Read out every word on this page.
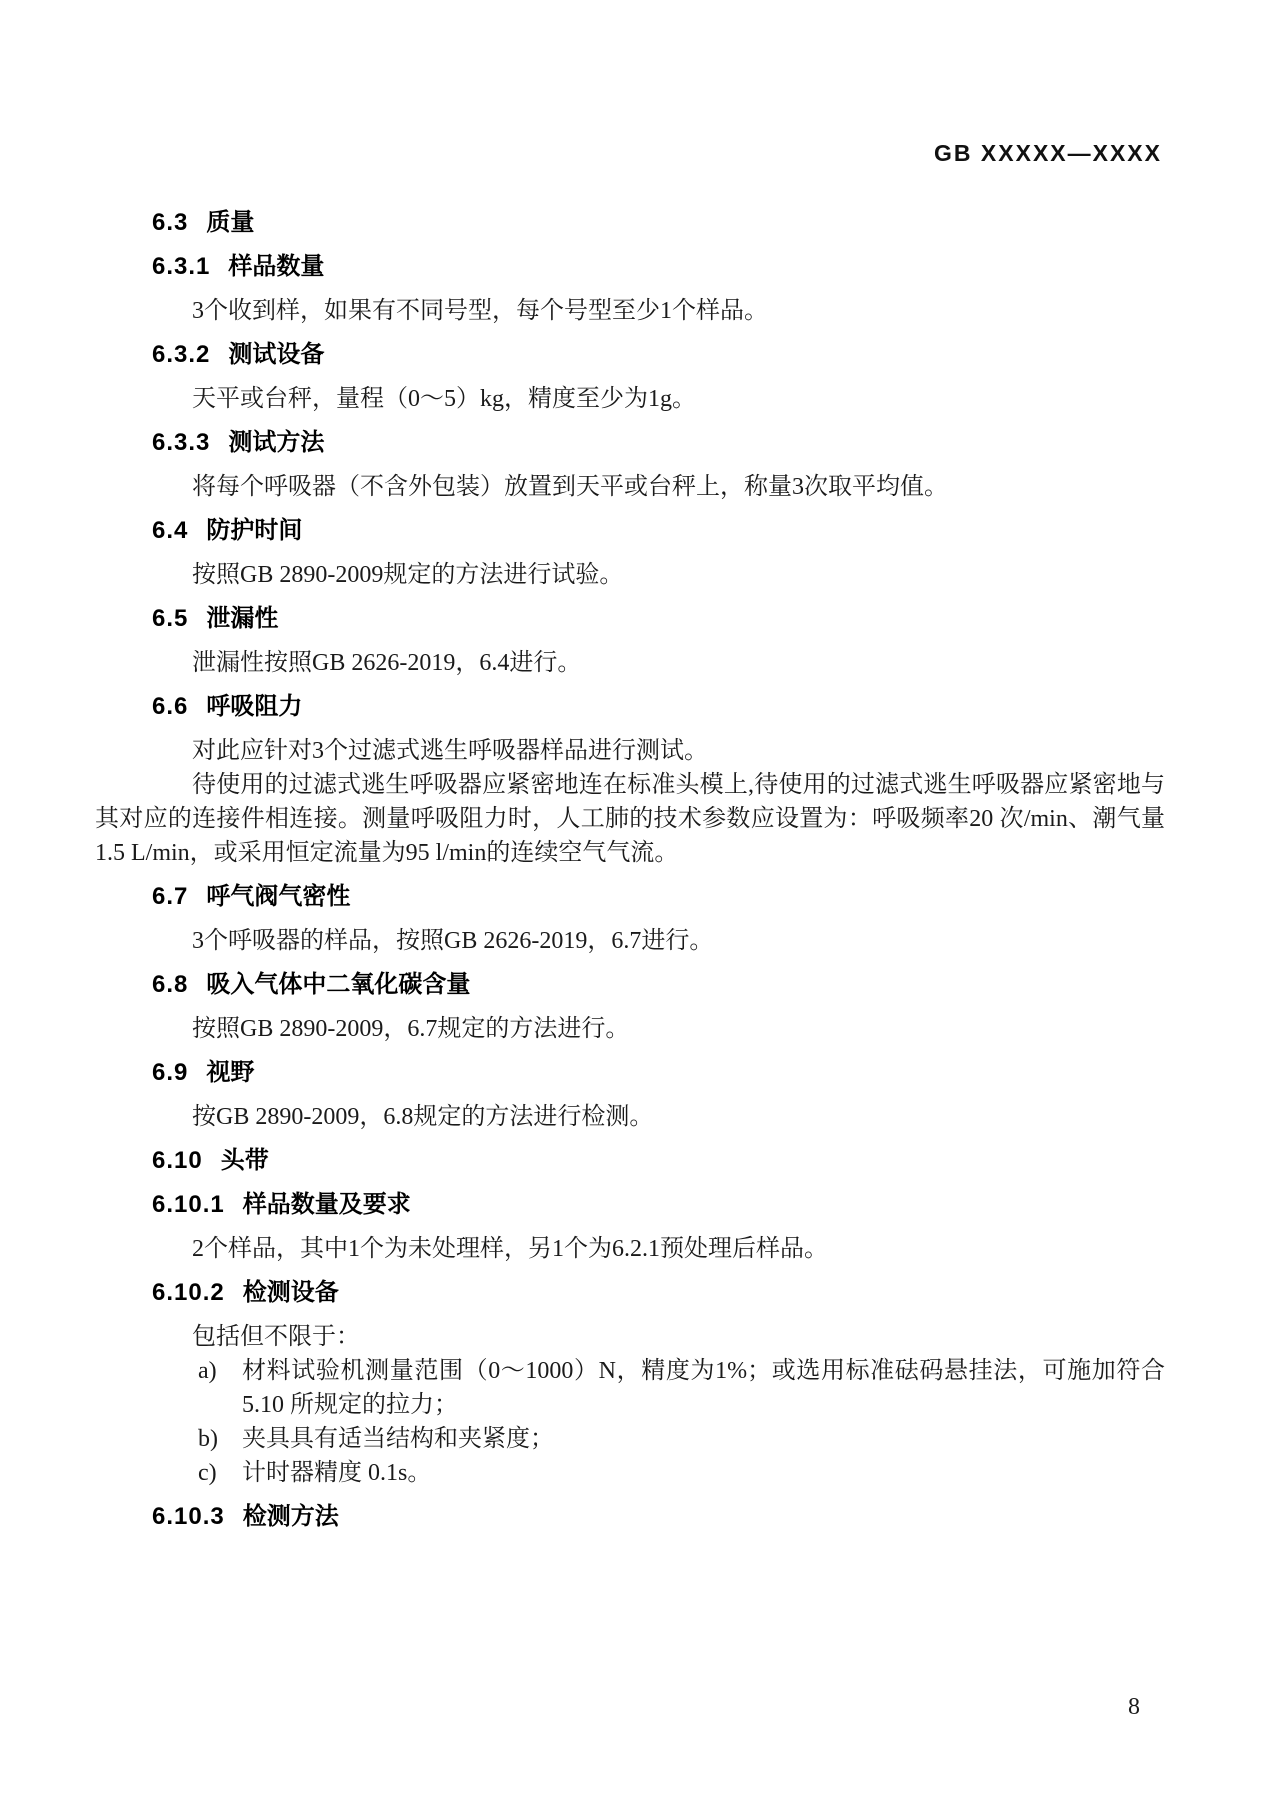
GB XXXXX—XXXX
6.3 质量
6.3.1 样品数量

3个收到样，如果有不同号型，每个号型至少1个样品。

6.3.2 测试设备

天平或台秤，量程（0～5）kg，精度至少为1g。

6.3.3 测试方法

将每个呼吸器（不含外包装）放置到天平或台秤上，称量3次取平均值。

6.4 防护时间

按照GB 2890-2009规定的方法进行试验。

6.5 泄漏性

泄漏性按照GB 2626-2019，6.4进行。

6.6 呼吸阻力

对此应针对3个过滤式逃生呼吸器样品进行测试。

待使用的过滤式逃生呼吸器应紧密地连在标准头模上,待使用的过滤式逃生呼吸器应紧密地与其对应的连接件相连接。测量呼吸阻力时，人工肺的技术参数应设置为：呼吸频率20 次/min、潮气量1.5 L/min，或采用恒定流量为95 l/min的连续空气气流。

6.7 呼气阀气密性

3个呼吸器的样品，按照GB 2626-2019，6.7进行。

6.8 吸入气体中二氧化碳含量

按照GB 2890-2009，6.7规定的方法进行。

6.9 视野

按GB 2890-2009，6.8规定的方法进行检测。

6.10 头带
6.10.1 样品数量及要求

2个样品，其中1个为未处理样，另1个为6.2.1预处理后样品。

6.10.2 检测设备

包括但不限于：

a) 材料试验机测量范围（0～1000）N，精度为1%；或选用标准砝码悬挂法，可施加符合 5.10 所规定的拉力；
b) 夹具具有适当结构和夹紧度；
c) 计时器精度 0.1s。
6.10.3 检测方法
8
